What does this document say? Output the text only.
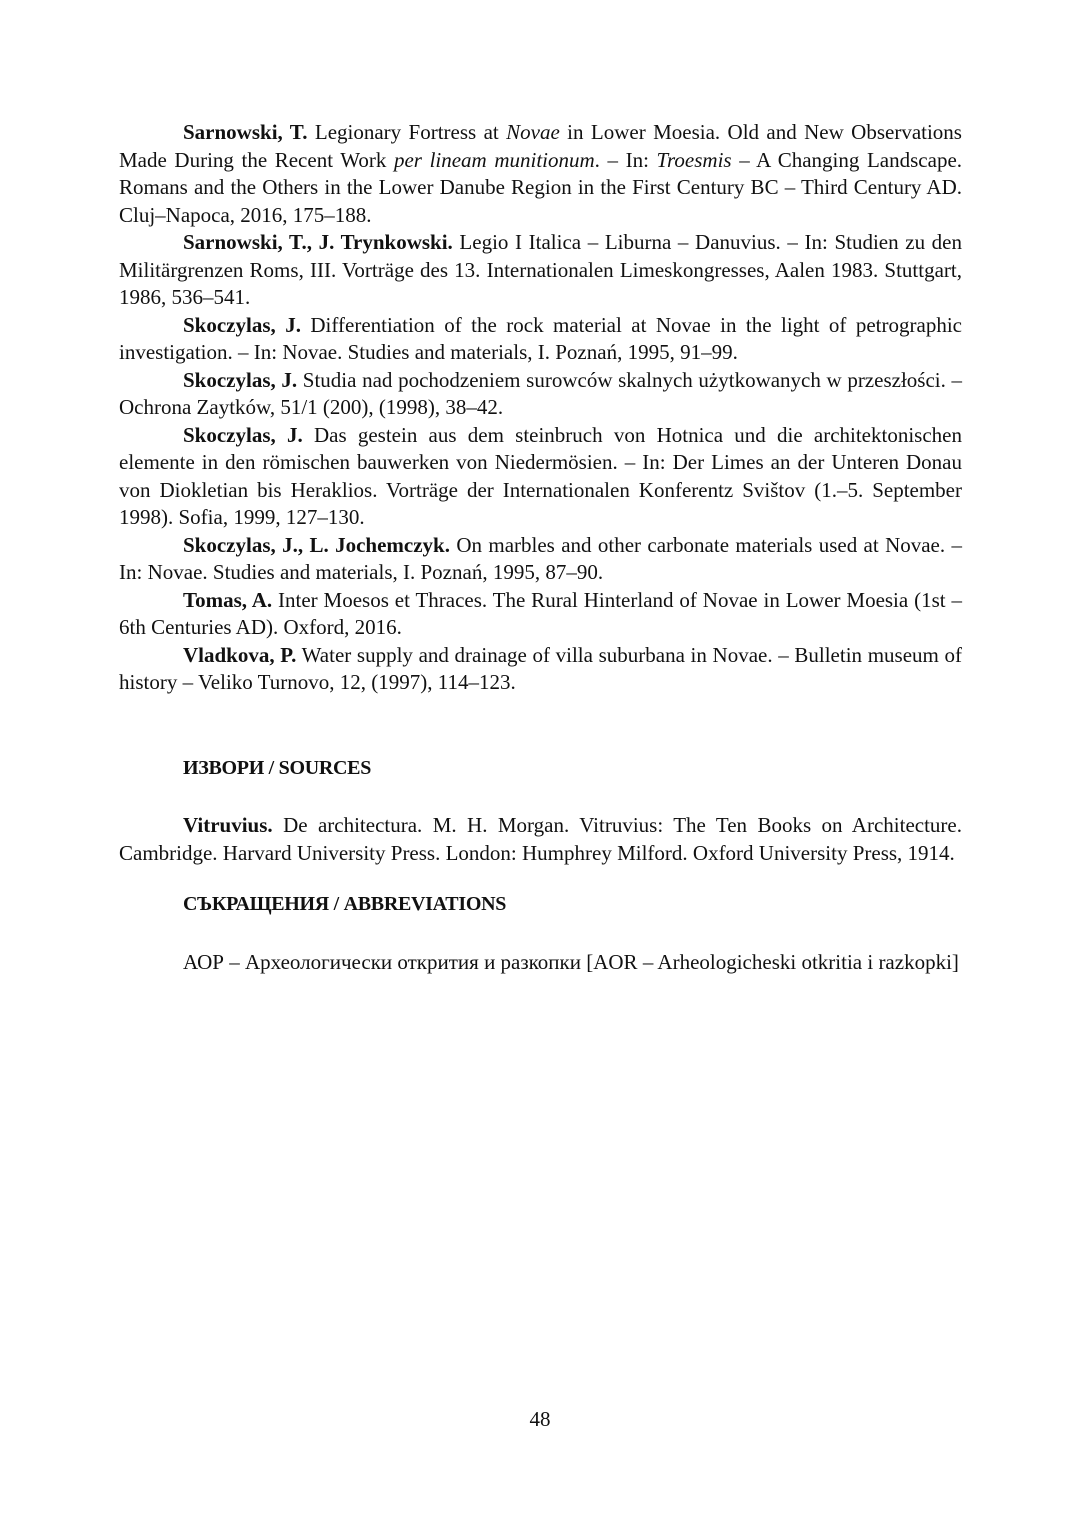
Sarnowski, T. Legionary Fortress at Novae in Lower Moesia. Old and New Observations Made During the Recent Work per lineam munitionum. – In: Troesmis – A Changing Landscape. Romans and the Others in the Lower Danube Region in the First Century BC – Third Century AD. Cluj–Napoca, 2016, 175–188.

Sarnowski, T., J. Trynkowski. Legio I Italica – Liburna – Danuvius. – In: Studien zu den Militärgrenzen Roms, III. Vorträge des 13. Internationalen Limeskongresses, Aalen 1983. Stuttgart, 1986, 536–541.

Skoczylas, J. Differentiation of the rock material at Novae in the light of petrographic investigation. – In: Novae. Studies and materials, I. Poznań, 1995, 91–99.

Skoczylas, J. Studia nad pochodzeniem surowców skalnych użytkowanych w przeszłości. – Ochrona Zaytków, 51/1 (200), (1998), 38–42.

Skoczylas, J. Das gestein aus dem steinbruch von Hotnica und die architektonischen elemente in den römischen bauwerken von Niedermösien. – In: Der Limes an der Unteren Donau von Diokletian bis Heraklios. Vorträge der Internationalen Konferentz Svištov (1.–5. September 1998). Sofia, 1999, 127–130.

Skoczylas, J., L. Jochemczyk. On marbles and other carbonate materials used at Novae. – In: Novae. Studies and materials, I. Poznań, 1995, 87–90.

Tomas, A. Inter Moesos et Thraces. The Rural Hinterland of Novae in Lower Moesia (1st – 6th Centuries AD). Oxford, 2016.

Vladkova, P. Water supply and drainage of villa suburbana in Novae. – Bulletin museum of history – Veliko Turnovo, 12, (1997), 114–123.

ИЗВОРИ / SOURCES

Vitruvius. De architectura. M. H. Morgan. Vitruvius: The Ten Books on Architecture. Cambridge. Harvard University Press. London: Humphrey Milford. Oxford University Press, 1914.

СЪКРАЩЕНИЯ / ABBREVIATIONS

АОР – Археологически открития и разкопки [AOR – Arheologicheski otkritia i razkopki]

48
